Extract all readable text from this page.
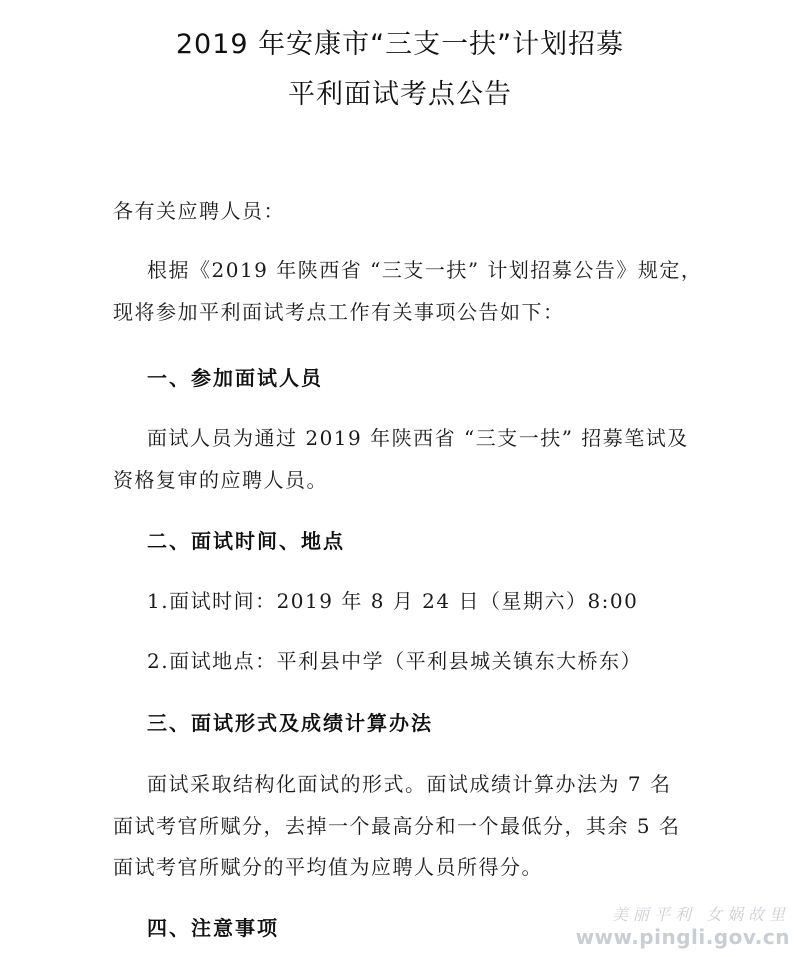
2019 年安康市“三支一扶”计划招募
平利面试考点公告
各有关应聘人员：
根据《2019 年陕西省 “三支一扶” 计划招募公告》规定，
现将参加平利面试考点工作有关事项公告如下：
一、参加面试人员
面试人员为通过 2019 年陕西省 “三支一扶” 招募笔试及
资格复审的应聘人员。
二、面试时间、地点
1.面试时间：2019 年 8 月 24 日（星期六）8:00
2.面试地点：平利县中学（平利县城关镇东大桥东）
三、面试形式及成绩计算办法
面试采取结构化面试的形式。面试成绩计算办法为 7 名
面试考官所赋分，去掉一个最高分和一个最低分，其余 5 名
面试考官所赋分的平均值为应聘人员所得分。
四、注意事项
美丽平利 女娲故里
www.pingli.gov.cn
